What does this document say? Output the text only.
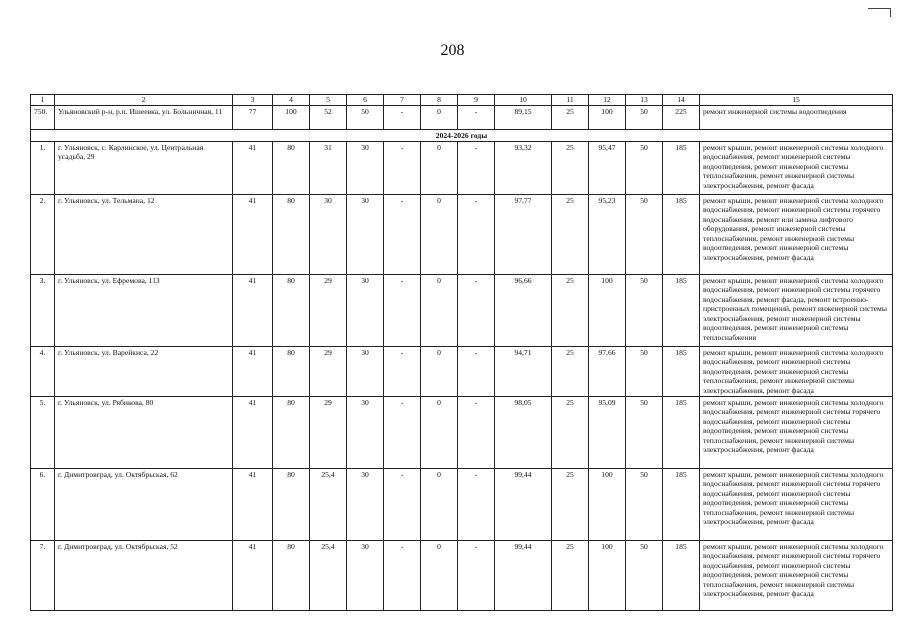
208
1	2	3	4	5	6	7	8	9	10	11	12	13	14	15
750.	Ульяновский р-н, р.п. Ишеевка, ул. Больничная, 11	77	100	52	50	-	0	-	89,15	25	100	50	225	ремонт инженерной системы водоотведения
2024-2026 годы														
1.	г. Ульяновск, с. Карлинское, ул. Центральная усадьба, 29	41	80	31	30	-	0	-	93,32	25	95,47	50	185	ремонт крыши, ремонт инженерной системы холодного водоснабжения, ремонт инженерной системы водоотведения, ремонт инженерной системы теплоснабжения, ремонт инженерной системы электроснабжения, ремонт фасада
2.	г. Ульяновск, ул. Тельмана, 12	41	80	30	30	-	0	-	97,77	25	95,23	50	185	ремонт крыши, ремонт инженерной системы холодного водоснабжения, ремонт инженерной системы горячего водоснабжения, ремонт или замена лифтового оборудования, ремонт инженерной системы теплоснабжения, ремонт инженерной системы водоотведения, ремонт инженерной системы электроснабжения, ремонт фасада
3.	г. Ульяновск, ул. Ефремова, 113	41	80	29	30	-	0	-	96,66	25	100	50	185	ремонт крыши, ремонт инженерной системы холодного водоснабжения, ремонт инженерной системы горячего водоснабжения, ремонт фасада, ремонт встроенно-пристроенных помещений, ремонт инженерной системы электроснабжения, ремонт инженерной системы водоотведения, ремонт инженерной системы теплоснабжения
4.	г. Ульяновск, ул. Варейкиса, 22	41	80	29	30	-	0	-	94,71	25	97,66	50	185	ремонт крыши, ремонт инженерной системы холодного водоснабжения, ремонт инженерной системы водоотведения, ремонт инженерной системы теплоснабжения, ремонт инженерной системы электроснабжения, ремонт фасада
5.	г. Ульяновск, ул. Рябикова, 80	41	80	29	30	-	0	-	98,05	25	95,09	50	185	ремонт крыши, ремонт инженерной системы холодного водоснабжения, ремонт инженерной системы горячего водоснабжения, ремонт инженерной системы водоотведения, ремонт инженерной системы теплоснабжения, ремонт инженерной системы электроснабжения, ремонт фасада
6.	г. Димитровград, ул. Октябрьская, 62	41	80	25,4	30	-	0	-	99,44	25	100	50	185	ремонт крыши, ремонт инженерной системы холодного водоснабжения, ремонт инженерной системы горячего водоснабжения, ремонт инженерной системы водоотведения, ремонт инженерной системы теплоснабжения, ремонт инженерной системы электроснабжения, ремонт фасада
7.	г. Димитровград, ул. Октябрьская, 52	41	80	25,4	30	-	0	-	99,44	25	100	50	185	ремонт крыши, ремонт инженерной системы холодного водоснабжения, ремонт инженерной системы горячего водоснабжения, ремонт инженерной системы водоотведения, ремонт инженерной системы теплоснабжения, ремонт инженерной системы электроснабжения, ремонт фасада
